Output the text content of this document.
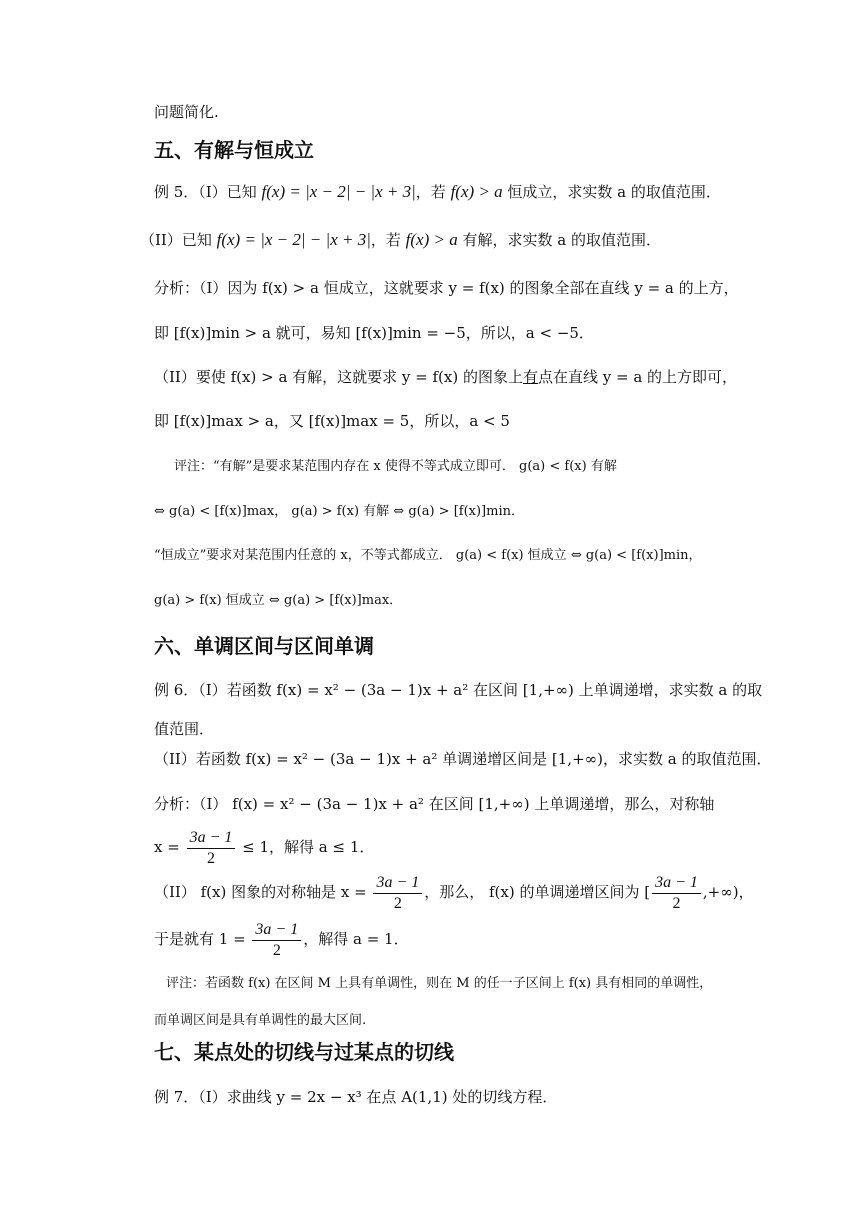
问题简化.
五、有解与恒成立
例 5．（I）已知 f(x) = |x − 2| − |x + 3|，若 f(x) > a 恒成立，求实数 a 的取值范围．
（II）已知 f(x) = |x − 2| − |x + 3|，若 f(x) > a 有解，求实数 a 的取值范围．
分析：（I）因为 f(x) > a 恒成立，这就要求 y = f(x) 的图象全部在直线 y = a 的上方，
即 [f(x)]min > a 就可，易知 [f(x)]min = −5，所以，a < −5．
（II）要使 f(x) > a 有解，这就要求 y = f(x) 的图象上有点在直线 y = a 的上方即可，
即 [f(x)]max > a，又 [f(x)]max = 5，所以，a < 5
评注：“有解”是要求某范围内存在 x 使得不等式成立即可． g(a) < f(x) 有解
⇔ g(a) < [f(x)]max， g(a) > f(x) 有解 ⇔ g(a) > [f(x)]min．
“恒成立”要求对某范围内任意的 x，不等式都成立． g(a) < f(x) 恒成立 ⇔ g(a) < [f(x)]min，
g(a) > f(x) 恒成立 ⇔ g(a) > [f(x)]max．
六、单调区间与区间单调
例 6．（I）若函数 f(x) = x² − (3a − 1)x + a² 在区间 [1,+∞) 上单调递增，求实数 a 的取
值范围．
（II）若函数 f(x) = x² − (3a − 1)x + a² 单调递增区间是 [1,+∞)，求实数 a 的取值范围．
分析：（I） f(x) = x² − (3a − 1)x + a² 在区间 [1,+∞) 上单调递增，那么，对称轴
$x = \frac{3a - 1}{2} \le 1$，解得 a ≤ 1．
（II） f(x) 图象的对称轴是 $x = \frac{3a - 1}{2}$ ，那么， f(x) 的单调递增区间为 [ $\frac{3a - 1}{2}$ ,+∞)，
于是就有 $1 = \frac{3a - 1}{2}$ ，解得 a = 1．
评注：若函数 f(x) 在区间 M 上具有单调性，则在 M 的任一子区间上 f(x) 具有相同的单调性，
而单调区间是具有单调性的最大区间.
七、某点处的切线与过某点的切线
例 7．（I）求曲线 y = 2x − x³ 在点 A(1,1) 处的切线方程．
